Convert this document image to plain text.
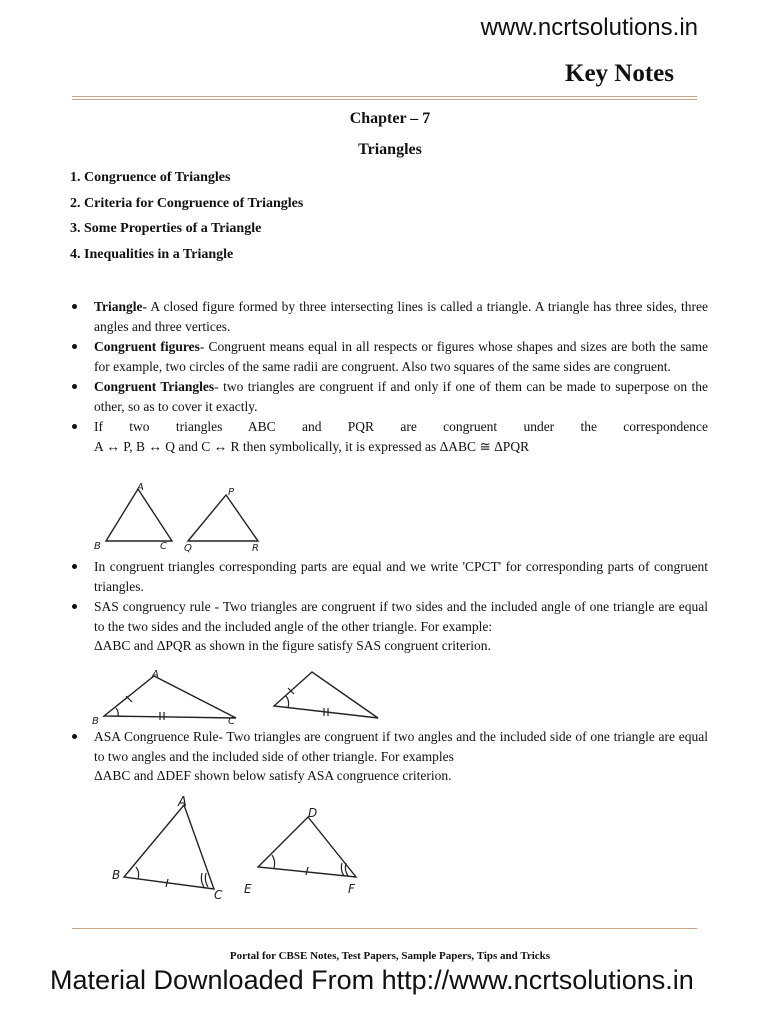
www.ncrtsolutions.in
Key Notes
Chapter – 7
Triangles
1. Congruence of Triangles
2. Criteria for Congruence of Triangles
3. Some Properties of a Triangle
4. Inequalities in a Triangle
Triangle- A closed figure formed by three intersecting lines is called a triangle. A triangle has three sides, three angles and three vertices.
Congruent figures- Congruent means equal in all respects or figures whose shapes and sizes are both the same for example, two circles of the same radii are congruent. Also two squares of the same sides are congruent.
Congruent Triangles- two triangles are congruent if and only if one of them can be made to superpose on the other, so as to cover it exactly.
If two triangles ABC and PQR are congruent under the correspondence
A ↔ P, B ↔ Q and C ↔ R then symbolically, it is expressed as ΔABC ≅ ΔPQR
A
B	C
P
Q	R
In congruent triangles corresponding parts are equal and we write 'CPCT' for corresponding parts of congruent triangles.
SAS congruency rule - Two triangles are congruent if two sides and the included angle of one triangle are equal to the two sides and the included angle of the other triangle. For example:
ΔABC and ΔPQR as shown in the figure satisfy SAS congruent criterion.
A
B	C
ASA Congruence Rule- Two triangles are congruent if two angles and the included side of one triangle are equal to two angles and the included side of other triangle. For examples
ΔABC and ΔDEF shown below satisfy ASA congruence criterion.
A
B
C
D
E	F
Portal for CBSE Notes, Test Papers, Sample Papers, Tips and Tricks
Material Downloaded From http://www.ncrtsolutions.in
